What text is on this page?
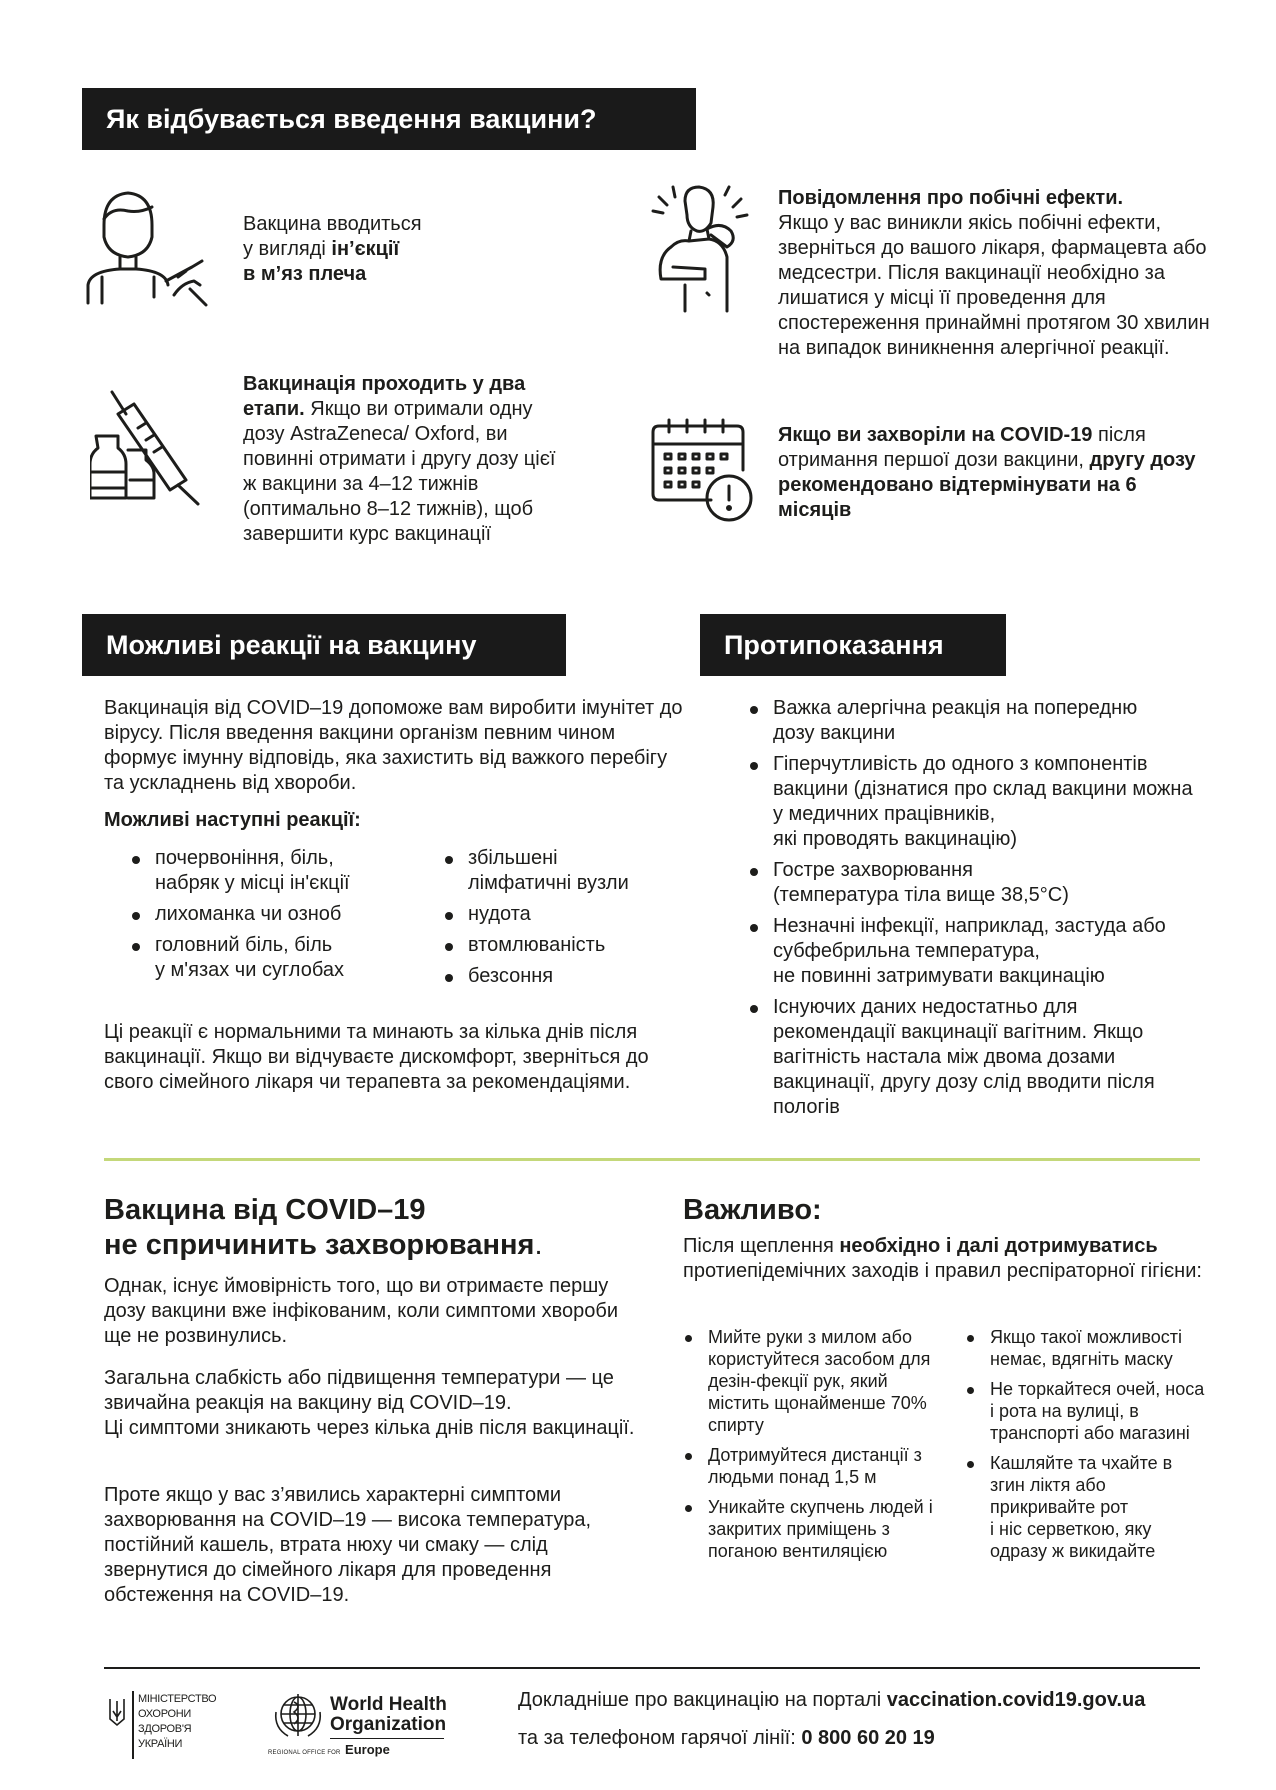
Як відбувається введення вакцини?
Вакцина вводиться
у вигляді ін’єкції
в м’яз плеча
Вакцинація проходить у два етапи. Якщо ви отримали одну дозу AstraZeneca/ Oxford, ви повинні отримати і другу дозу цієї ж вакцини за 4–12 тижнів (оптимально 8–12 тижнів), щоб завершити курс вакцинації
Повідомлення про побічні ефекти.
Якщо у вас виникли якісь побічні ефекти, зверніться до вашого лікаря, фармацевта або медсестри. Після вакцинації необхідно за лишатися у місці її проведення для спостереження принаймні протягом 30 хвилин на випадок виникнення алергічної реакції.
Якщо ви захворіли на COVID-19 після отримання першої дози вакцини, другу дозу рекомендовано відтермінувати на 6 місяців
Можливі реакції на вакцину
Вакцинація від COVID–19 допоможе вам виробити імунітет до вірусу. Після введення вакцини організм певним чином формує імунну відповідь, яка захистить від важкого перебігу та ускладнень від хвороби.
Можливі наступні реакції:
почервоніння, біль,
набряк у місці ін'єкції
лихоманка чи озноб
головний біль, біль
у м'язах чи суглобах
збільшені
лімфатичні вузли
нудота
втомлюваність
безсоння
Ці реакції є нормальними та минають за кілька днів після вакцинації. Якщо ви відчуваєте дискомфорт, зверніться до свого сімейного лікаря чи терапевта за рекомендаціями.
Протипоказання
Важка алергічна реакція на попередню
дозу вакцини
Гіперчутливість до одного з компонентів вакцини (дізнатися про склад вакцини можна у медичних працівників,
які проводять вакцинацію)
Гостре захворювання
(температура тіла вище 38,5°C)
Незначні інфекції, наприклад, застуда або субфебрильна температура,
не повинні затримувати вакцинацію
Існуючих даних недостатньо для рекомендації вакцинації вагітним. Якщо вагітність настала між двома дозами вакцинації, другу дозу слід вводити після пологів
Вакцина від COVID–19
не спричинить захворювання.
Однак, існує ймовірність того, що ви отримаєте першу дозу вакцини вже інфікованим, коли симптоми хвороби ще не розвинулись.
Загальна слабкість або підвищення температури — це звичайна реакція на вакцину від COVID–19.
Ці симптоми зникають через кілька днів після вакцинації.
Проте якщо у вас з’явились характерні симптоми захворювання на COVID–19 — висока температура, постійний кашель, втрата нюху чи смаку — слід звернутися до сімейного лікаря для проведення обстеження на COVID–19.
Важливо:
Після щеплення необхідно і далі дотримуватись протиепідемічних заходів і правил респіраторної гігієни:
Мийте руки з милом або користуйтеся засобом для дезін-фекції рук, який містить щонайменше 70% спирту
Дотримуйтеся дистанції з людьми понад 1,5 м
Уникайте скупчень людей і закритих приміщень з поганою вентиляцією
Якщо такої можливості немає, вдягніть маску
Не торкайтеся очей, носа і рота на вулиці, в транспорті або магазині
Кашляйте та чхайте в згин ліктя або прикривайте рот
і ніс серветкою, яку одразу ж викидайте
МІНІСТЕРСТВО
ОХОРОНИ
ЗДОРОВ'Я
УКРАЇНИ
World Health
Organization
REGIONAL OFFICE FOR Europe
Докладніше про вакцинацію на порталі vaccination.covid19.gov.ua
та за телефоном гарячої лінії: 0 800 60 20 19
